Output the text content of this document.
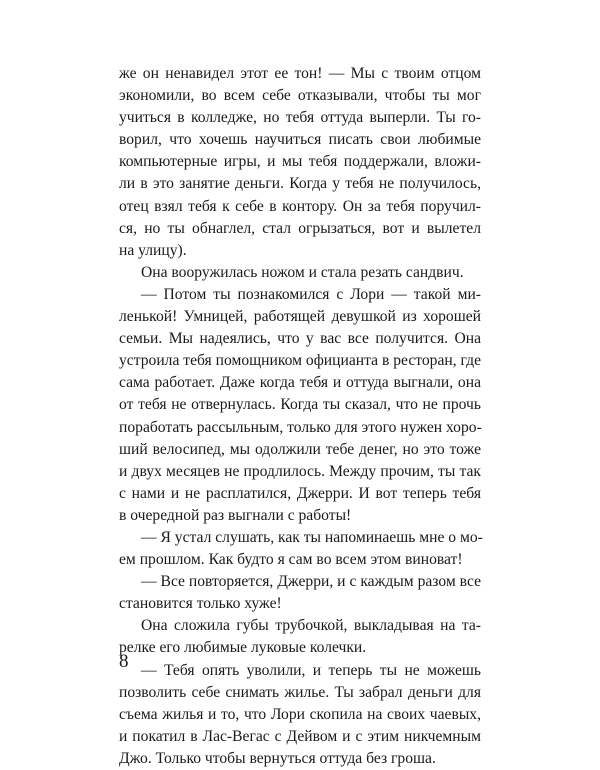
же он ненавидел этот ее тон! — Мы с твоим отцом
экономили, во всем себе отказывали, чтобы ты мог
учиться в колледже, но тебя оттуда выперли. Ты го-
ворил, что хочешь научиться писать свои любимые
компьютерные игры, и мы тебя поддержали, вложи-
ли в это занятие деньги. Когда у тебя не получилось,
отец взял тебя к себе в контору. Он за тебя поручил-
ся, но ты обнаглел, стал огрызаться, вот и вылетел
на улицу).
Она вооружилась ножом и стала резать сандвич.
— Потом ты познакомился с Лори — такой ми-
ленькой! Умницей, работящей девушкой из хорошей
семьи. Мы надеялись, что у вас все получится. Она
устроила тебя помощником официанта в ресторан, где
сама работает. Даже когда тебя и оттуда выгнали, она
от тебя не отвернулась. Когда ты сказал, что не прочь
поработать рассыльным, только для этого нужен хоро-
ший велосипед, мы одолжили тебе денег, но это тоже
и двух месяцев не продлилось. Между прочим, ты так
с нами и не расплатился, Джерри. И вот теперь тебя
в очередной раз выгнали с работы!
— Я устал слушать, как ты напоминаешь мне о мо-
ем прошлом. Как будто я сам во всем этом виноват!
— Все повторяется, Джерри, и с каждым разом все
становится только хуже!
Она сложила губы трубочкой, выкладывая на та-
релке его любимые луковые колечки.
— Тебя опять уволили, и теперь ты не можешь
позволить себе снимать жилье. Ты забрал деньги для
съема жилья и то, что Лори скопила на своих чаевых,
и покатил в Лас-Вегас с Дейвом и с этим никчемным
Джо. Только чтобы вернуться оттуда без гроша.
8
